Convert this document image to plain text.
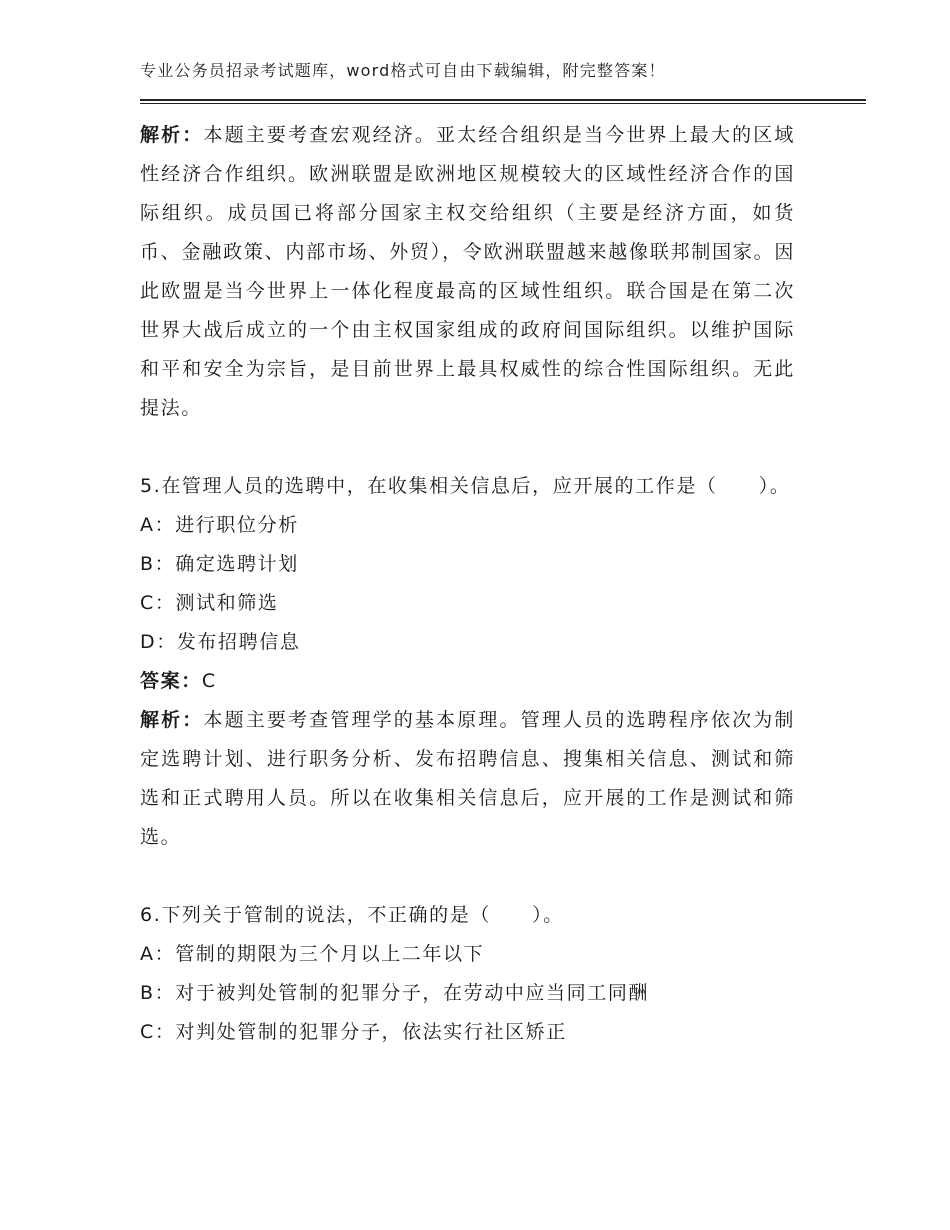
专业公务员招录考试题库，word格式可自由下载编辑，附完整答案！

解析：本题主要考查宏观经济。亚太经合组织是当今世界上最大的区域性经济合作组织。欧洲联盟是欧洲地区规模较大的区域性经济合作的国际组织。成员国已将部分国家主权交给组织（主要是经济方面，如货币、金融政策、内部市场、外贸），令欧洲联盟越来越像联邦制国家。因此欧盟是当今世界上一体化程度最高的区域性组织。联合国是在第二次世界大战后成立的一个由主权国家组成的政府间国际组织。以维护国际和平和安全为宗旨，是目前世界上最具权威性的综合性国际组织。无此提法。

5.在管理人员的选聘中，在收集相关信息后，应开展的工作是（　　）。

A：进行职位分析

B：确定选聘计划

C：测试和筛选

D：发布招聘信息

答案：C

解析：本题主要考查管理学的基本原理。管理人员的选聘程序依次为制定选聘计划、进行职务分析、发布招聘信息、搜集相关信息、测试和筛选和正式聘用人员。所以在收集相关信息后，应开展的工作是测试和筛选。

6.下列关于管制的说法，不正确的是（　　）。

A：管制的期限为三个月以上二年以下

B：对于被判处管制的犯罪分子，在劳动中应当同工同酬

C：对判处管制的犯罪分子，依法实行社区矫正
